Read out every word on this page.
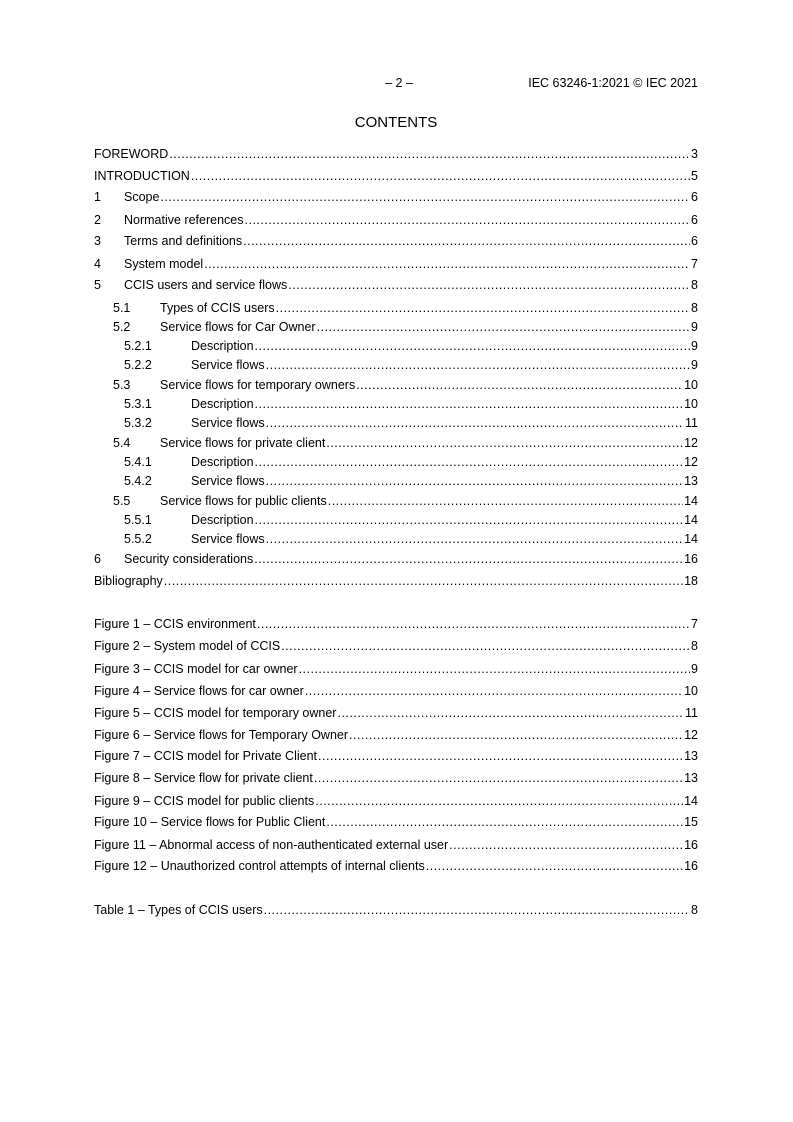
– 2 –	IEC 63246-1:2021 © IEC 2021
CONTENTS
FOREWORD .....	3
INTRODUCTION .....	5
1	Scope .....	6
2	Normative references .....	6
3	Terms and definitions .....	6
4	System model .....	7
5	CCIS users and service flows .....	8
5.1	Types of CCIS users .....	8
5.2	Service flows for Car Owner .....	9
5.2.1	Description .....	9
5.2.2	Service flows .....	9
5.3	Service flows for temporary owners .....	10
5.3.1	Description .....	10
5.3.2	Service flows .....	11
5.4	Service flows for private client .....	12
5.4.1	Description .....	12
5.4.2	Service flows .....	13
5.5	Service flows for public clients .....	14
5.5.1	Description .....	14
5.5.2	Service flows .....	14
6	Security considerations .....	16
Bibliography .....	18
Figure 1 – CCIS environment .....	7
Figure 2 – System model of CCIS .....	8
Figure 3 – CCIS model for car owner .....	9
Figure 4 – Service flows for car owner .....	10
Figure 5 – CCIS model for temporary owner .....	11
Figure 6 – Service flows for Temporary Owner .....	12
Figure 7 – CCIS model for Private Client .....	13
Figure 8 – Service flow for private client .....	13
Figure 9 – CCIS model for public clients .....	14
Figure 10 – Service flows for Public Client .....	15
Figure 11 – Abnormal access of non-authenticated external user .....	16
Figure 12 – Unauthorized control attempts of internal clients .....	16
Table 1 – Types of CCIS users .....	8
